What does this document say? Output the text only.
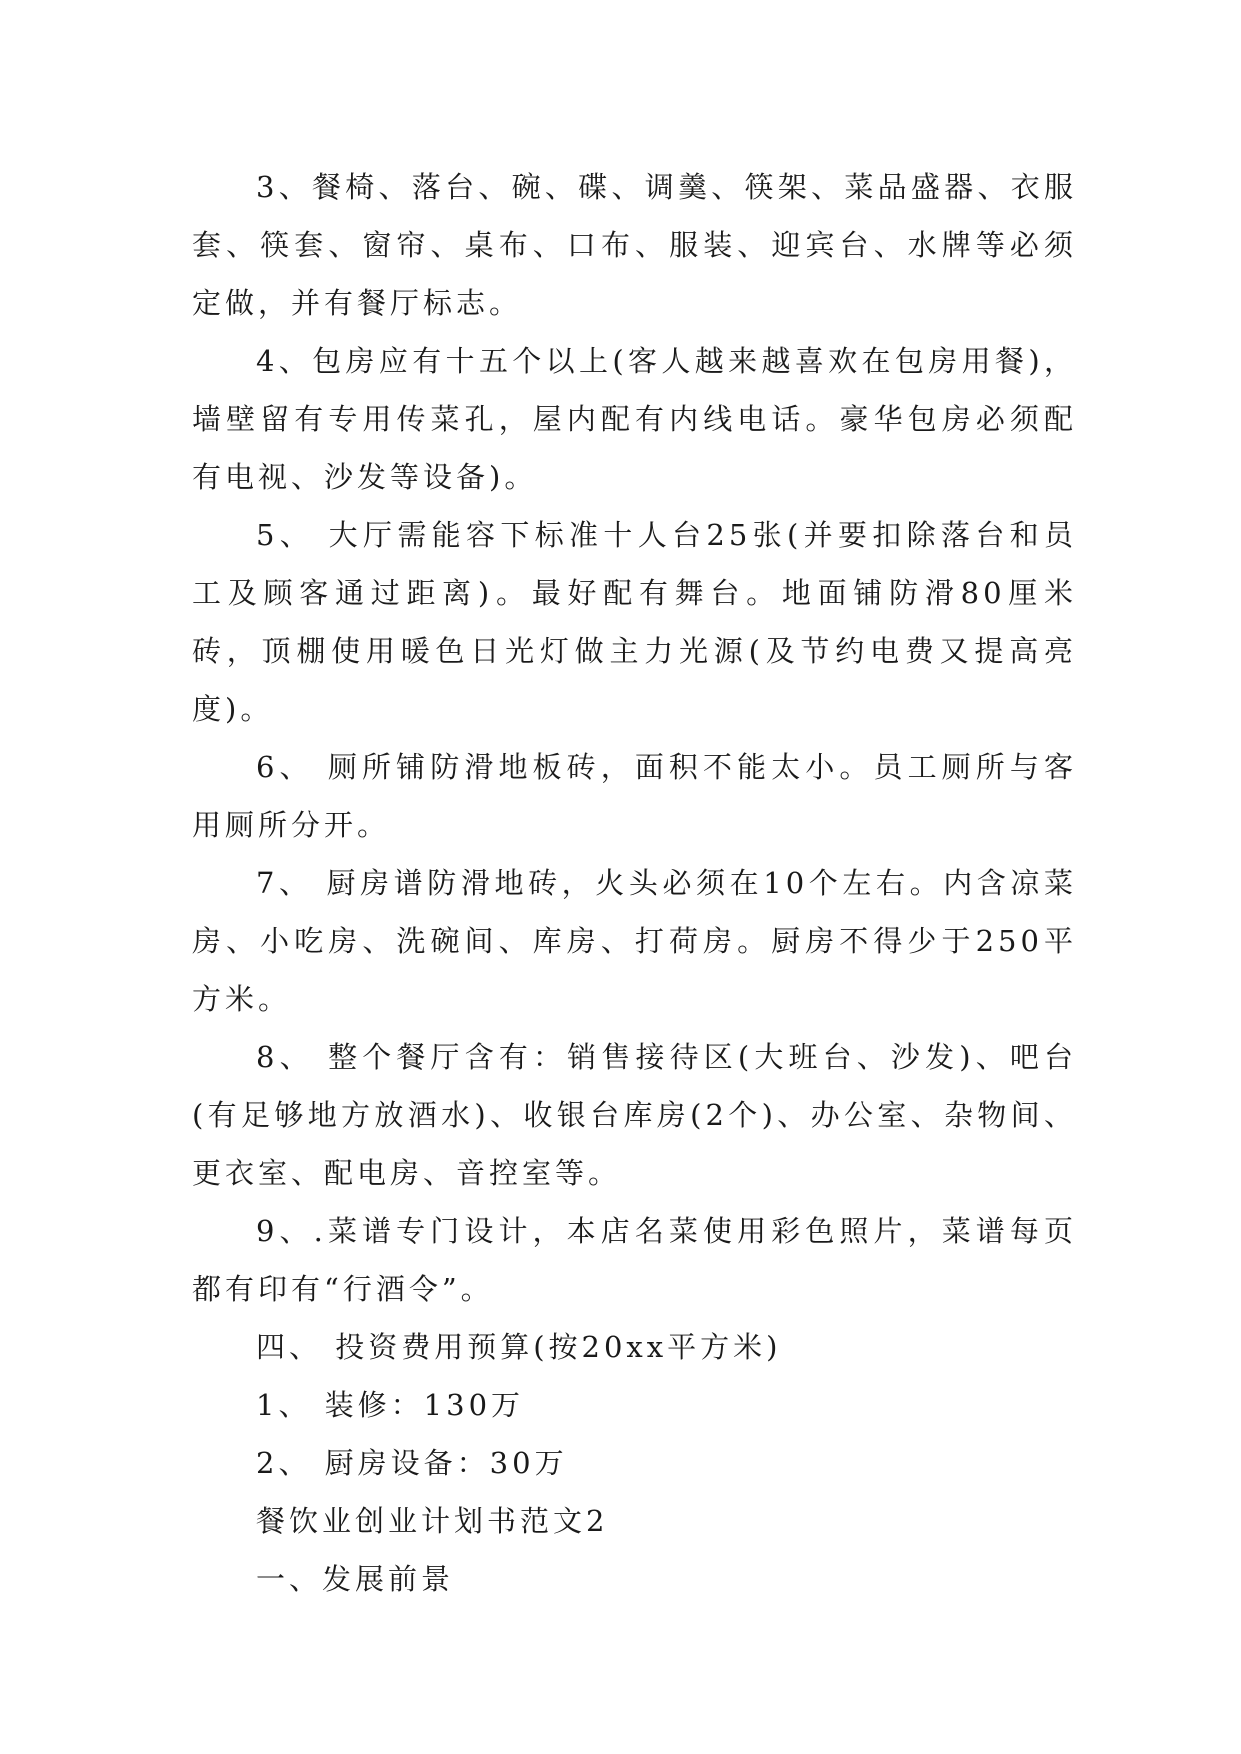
3、餐椅、落台、碗、碟、调羹、筷架、菜品盛器、衣服套、筷套、窗帘、桌布、口布、服装、迎宾台、水牌等必须定做，并有餐厅标志。

4、包房应有十五个以上(客人越来越喜欢在包房用餐)，墙壁留有专用传菜孔，屋内配有内线电话。豪华包房必须配有电视、沙发等设备)。

5、 大厅需能容下标准十人台25张(并要扣除落台和员工及顾客通过距离)。最好配有舞台。地面铺防滑80厘米砖，顶棚使用暖色日光灯做主力光源(及节约电费又提高亮度)。

6、 厕所铺防滑地板砖，面积不能太小。员工厕所与客用厕所分开。

7、 厨房谱防滑地砖，火头必须在10个左右。内含凉菜房、小吃房、洗碗间、库房、打荷房。厨房不得少于250平方米。

8、 整个餐厅含有：销售接待区(大班台、沙发)、吧台(有足够地方放酒水)、收银台库房(2个)、办公室、杂物间、更衣室、配电房、音控室等。

9、.菜谱专门设计，本店名菜使用彩色照片，菜谱每页都有印有“行酒令”。

四、 投资费用预算(按20xx平方米)

1、 装修：130万

2、 厨房设备：30万

餐饮业创业计划书范文2

一、发展前景
